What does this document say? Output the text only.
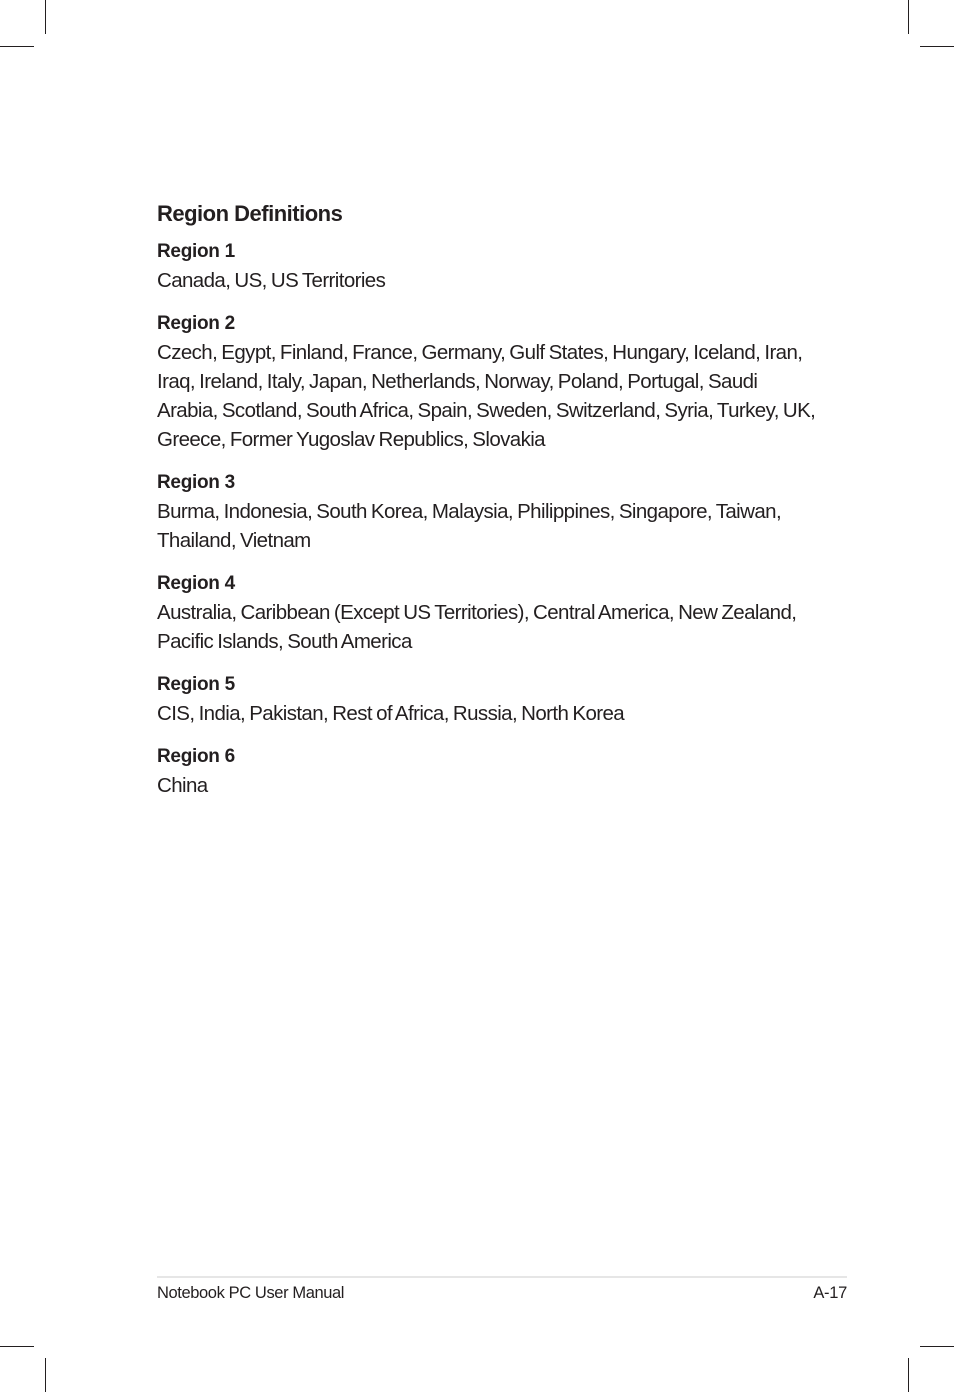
Region Definitions

Region 1

Canada, US, US Territories

Region 2

Czech, Egypt, Finland, France, Germany, Gulf States, Hungary, Iceland, Iran, Iraq, Ireland, Italy, Japan, Netherlands, Norway, Poland, Portugal, Saudi Arabia, Scotland, South Africa, Spain, Sweden, Switzerland, Syria, Turkey, UK, Greece, Former Yugoslav Republics, Slovakia

Region 3

Burma, Indonesia, South Korea, Malaysia, Philippines, Singapore, Taiwan, Thailand, Vietnam

Region 4

Australia, Caribbean (Except US Territories), Central America, New Zealand, Pacific Islands, South America

Region 5

CIS, India, Pakistan, Rest of Africa, Russia, North Korea

Region 6

China

Notebook PC User Manual	A-17
